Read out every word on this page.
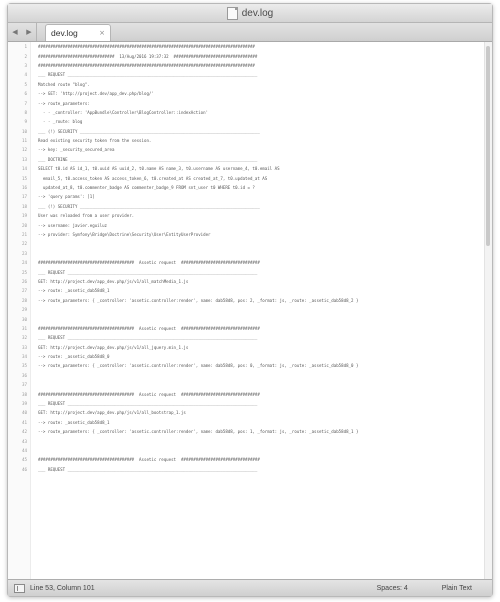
dev.log
◀ ▶ dev.log	×
1	########################################################################################
2	###############################  13/Aug/2016 19:37:32  ##################################
3	########################################################################################
4	___ REQUEST _____________________________________________________________________________
5	Matched route "blog".
6	--> GET: 'http://project.dev/app_dev.php/blog/'
7	--> route_parameters:
8	· · _controller: 'AppBundle\Controller\BlogController::indexAction'
9	· · _route: blog
10	___ (!) SECURITY _________________________________________________________________________
11	Read existing security token from the session.
12	--> key: _security_secured_area
13	___ DOCTRINE ____________________________________________________________________________
14	SELECT t0.id AS id_1, t0.uuid AS uuid_2, t0.name AS name_3, t0.username AS username_4, t0.email AS
15	email_5, t0.access_token AS access_token_6, t0.created_at AS created_at_7, t0.updated_at AS
16	updated_at_8, t0.commenter_badge AS commenter_badge_9 FROM snt_user t0 WHERE t0.id = ?
17	--> 'query params': [1]
18	___ (!) SECURITY _________________________________________________________________________
19	User was reloaded from a user provider.
20	--> username: javier.eguiluz
21	--> provider: Symfony\Bridge\Doctrine\Security\User\EntityUserProvider
22
23
24	#######################################  Assetic request  ################################
25	___ REQUEST _____________________________________________________________________________
26	GET: http://project.dev/app_dev.php/js/v1/all_matchMedia_1.js
27	--> route: _assetic_dab58d8_1
28	--> route_parameters: { _controller: 'assetic.controller:render', name: dab58d8, pos: 2, _format: js, _route: _assetic_dab58d8_2 }
29
30
31	#######################################  Assetic request  ################################
32	___ REQUEST _____________________________________________________________________________
33	GET: http://project.dev/app_dev.php/js/v1/all_jquery.min_1.js
34	--> route: _assetic_dab58d8_0
35	--> route_parameters: { _controller: 'assetic.controller:render', name: dab58d8, pos: 0, _format: js, _route: _assetic_dab58d8_0 }
36
37
38	#######################################  Assetic request  ################################
39	___ REQUEST _____________________________________________________________________________
40	GET: http://project.dev/app_dev.php/js/v1/all_bootstrap_1.js
41	--> route: _assetic_dab58d8_1
42	--> route_parameters: { _controller: 'assetic.controller:render', name: dab58d8, pos: 1, _format: js, _route: _assetic_dab58d8_1 }
43
44
45	#######################################  Assetic request  ################################
46	___ REQUEST _____________________________________________________________________________
Line 53, Column 101	Spaces: 4	Plain Text
